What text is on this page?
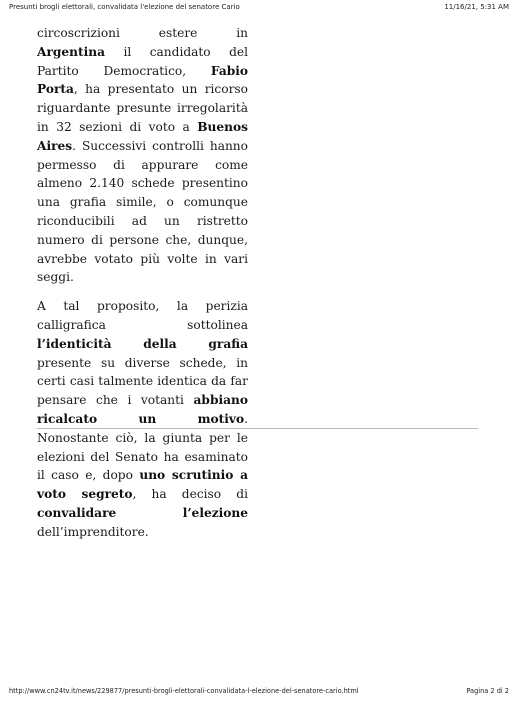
Presunti brogli elettorali, convalidata l'elezione del senatore Cario	11/16/21, 5:31 AM

circoscrizioni estere in Argentina il candidato del Partito Democratico, Fabio Porta, ha presentato un ricorso riguardante presunte irregolarità in 32 sezioni di voto a Buenos Aires. Successivi controlli hanno permesso di appurare come almeno 2.140 schede presentino una grafia simile, o comunque riconducibili ad un ristretto numero di persone che, dunque, avrebbe votato più volte in vari seggi.

A tal proposito, la perizia calligrafica sottolinea l’identicità della grafia presente su diverse schede, in certi casi talmente identica da far pensare che i votanti abbiano ricalcato un motivo. Nonostante ciò, la giunta per le elezioni del Senato ha esaminato il caso e, dopo uno scrutinio a voto segreto, ha deciso di convalidare l’elezione dell’imprenditore.

http://www.cn24tv.it/news/229877/presunti-brogli-elettorali-convalidata-l-elezione-del-senatore-cario.html	Pagina 2 di 2
